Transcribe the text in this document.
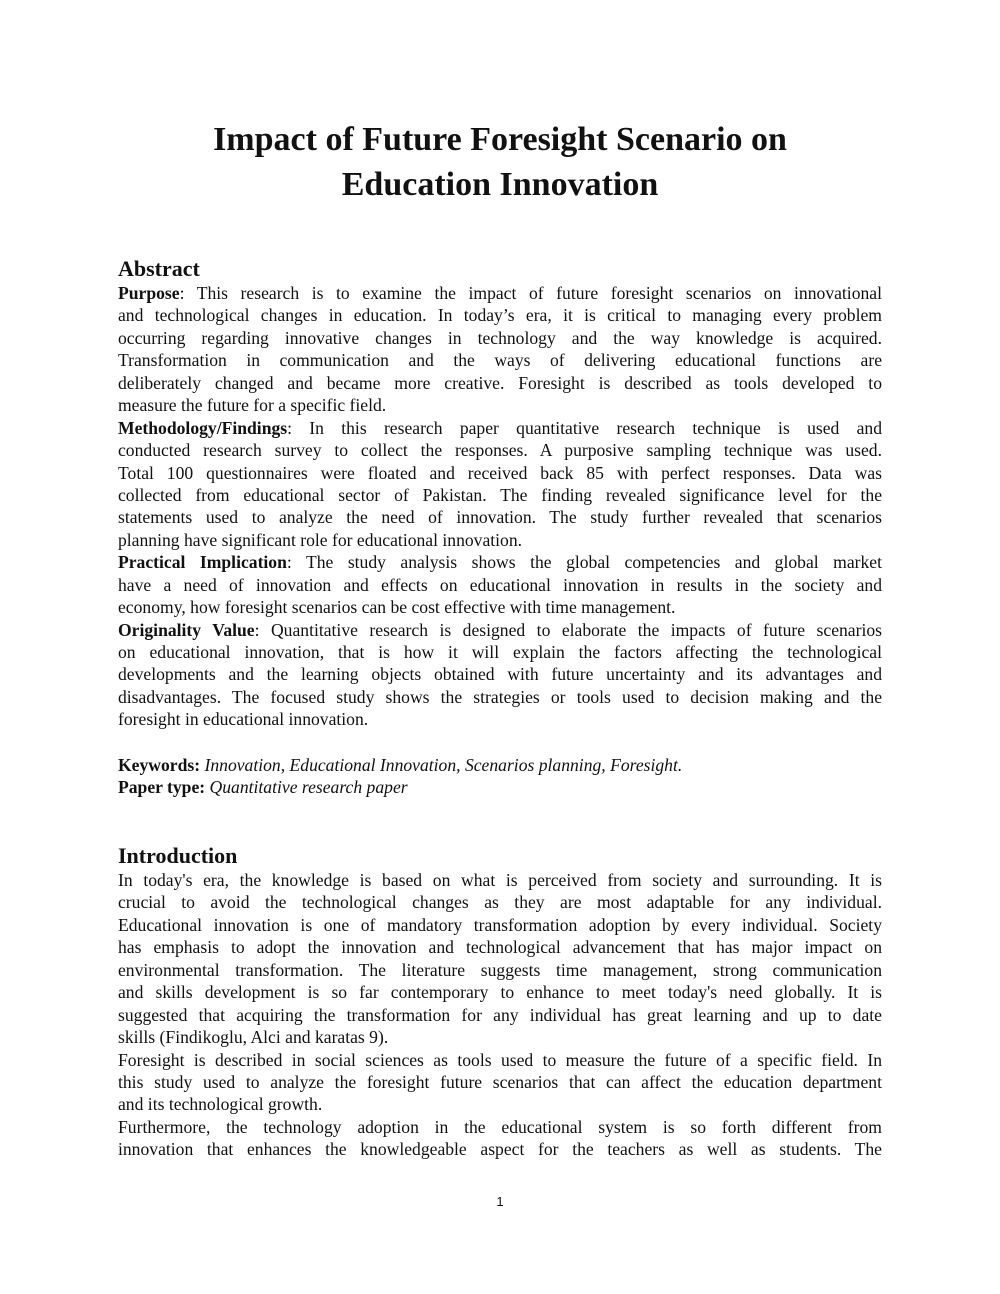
Impact of Future Foresight Scenario on
Education Innovation
Abstract
Purpose: This research is to examine the impact of future foresight scenarios on innovational
and technological changes in education. In today’s era, it is critical to managing every problem
occurring regarding innovative changes in technology and the way knowledge is acquired.
Transformation in communication and the ways of delivering educational functions are
deliberately changed and became more creative. Foresight is described as tools developed to
measure the future for a specific field.
Methodology/Findings: In this research paper quantitative research technique is used and
conducted research survey to collect the responses. A purposive sampling technique was used.
Total 100 questionnaires were floated and received back 85 with perfect responses. Data was
collected from educational sector of Pakistan. The finding revealed significance level for the
statements used to analyze the need of innovation. The study further revealed that scenarios
planning have significant role for educational innovation.
Practical Implication: The study analysis shows the global competencies and global market
have a need of innovation and effects on educational innovation in results in the society and
economy, how foresight scenarios can be cost effective with time management.
Originality Value: Quantitative research is designed to elaborate the impacts of future scenarios
on educational innovation, that is how it will explain the factors affecting the technological
developments and the learning objects obtained with future uncertainty and its advantages and
disadvantages. The focused study shows the strategies or tools used to decision making and the
foresight in educational innovation.
Keywords: Innovation, Educational Innovation, Scenarios planning, Foresight.
Paper type: Quantitative research paper
Introduction
In today's era, the knowledge is based on what is perceived from society and surrounding. It is
crucial to avoid the technological changes as they are most adaptable for any individual.
Educational innovation is one of mandatory transformation adoption by every individual. Society
has emphasis to adopt the innovation and technological advancement that has major impact on
environmental transformation. The literature suggests time management, strong communication
and skills development is so far contemporary to enhance to meet today's need globally. It is
suggested that acquiring the transformation for any individual has great learning and up to date
skills (Findikoglu, Alci and karatas 9).
Foresight is described in social sciences as tools used to measure the future of a specific field. In
this study used to analyze the foresight future scenarios that can affect the education department
and its technological growth.
Furthermore, the technology adoption in the educational system is so forth different from
innovation that enhances the knowledgeable aspect for the teachers as well as students. The
1
